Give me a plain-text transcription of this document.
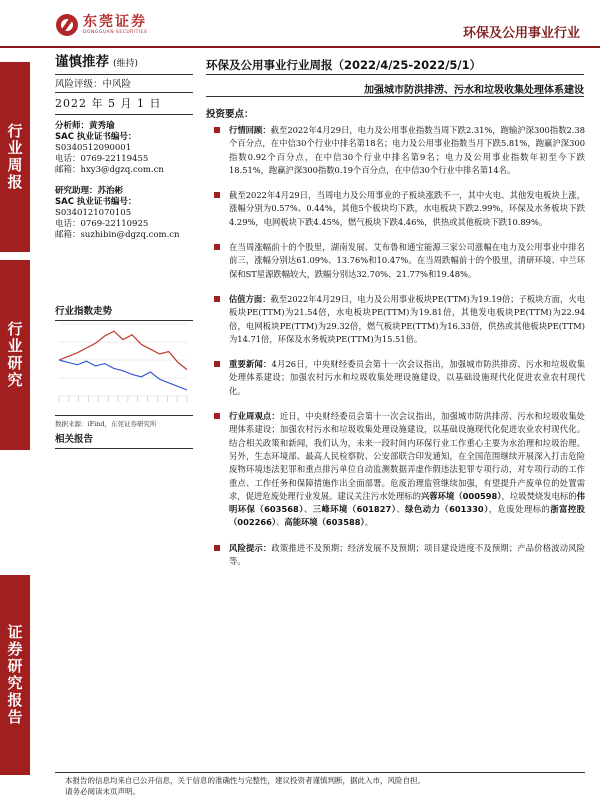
东莞证券
DONGGUAN SECURITIES	环保及公用事业行业
行业周报
行业研究
证券研究报告
谨慎推荐 (维持)
风险评级：中风险
2022 年 5 月 1 日
分析师：黄秀瑜
SAC 执业证书编号：
S0340512090001
电话：0769-22119455
邮箱：hxy3@dgzq.com.cn
研究助理：苏治彬
SAC 执业证书编号：
S0340121070105
电话：0769-22110925
邮箱：suzhibin@dgzq.com.cn
行业指数走势
数据来源：iFind，东莞证券研究所
相关报告
环保及公用事业行业周报（2022/4/25-2022/5/1）
加强城市防洪排涝、污水和垃圾收集处理体系建设
投资要点：

行情回顾：截至2022年4月29日，电力及公用事业指数当周下跌2.31%，跑输沪深300指数2.38个百分点，在中信30个行业中排名第18名；电力及公用事业指数当月下跌5.81%，跑赢沪深300指数0.92个百分点，在中信30个行业中排名第9名；电力及公用事业指数年初至今下跌18.51%，跑赢沪深300指数0.19个百分点，在中信30个行业中排名第14名。

截至2022年4月29日，当周电力及公用事业的子板块涨跌不一，其中火电、其他发电板块上涨，涨幅分别为0.57%、0.44%，其他5个板块均下跌，水电板块下跌2.99%，环保及水务板块下跌4.29%，电网板块下跌4.45%，燃气板块下跌4.46%，供热或其他板块下跌10.89%。

在当周涨幅前十的个股里，湖南发展、艾布鲁和通宝能源三家公司涨幅在电力及公用事业中排名前三，涨幅分别达61.09%、13.76%和10.47%。在当周跌幅前十的个股里，清研环境、中兰环保和ST星源跌幅较大，跌幅分别达32.70%、21.77%和19.48%。

估值方面：截至2022年4月29日，电力及公用事业板块PE(TTM)为19.19倍；子板块方面，火电板块PE(TTM)为21.54倍，水电板块PE(TTM)为19.81倍，其他发电板块PE(TTM)为22.94倍，电网板块PE(TTM)为29.32倍，燃气板块PE(TTM)为16.33倍，供热或其他板块PE(TTM)为14.71倍，环保及水务板块PE(TTM)为15.51倍。

重要新闻：4月26日，中央财经委员会第十一次会议指出，加强城市防洪排涝、污水和垃圾收集处理体系建设；加强农村污水和垃圾收集处理设施建设，以基础设施现代化促进农业农村现代化。

行业周观点：近日，中央财经委员会第十一次会议指出，加强城市防洪排涝、污水和垃圾收集处理体系建设；加强农村污水和垃圾收集处理设施建设，以基础设施现代化促进农业农村现代化。结合相关政策和新闻，我们认为，未来一段时间内环保行业工作重心主要为水治理和垃圾治理。另外，生态环境部、最高人民检察院、公安部联合印发通知，在全国范围继续开展深入打击危险废物环境违法犯罪和重点排污单位自动监测数据弄虚作假违法犯罪专项行动，对专项行动的工作重点、工作任务和保障措施作出全面部署。危废治理监管继续加强，有望提升产废单位的处置需求，促进危废处理行业发展。建议关注污水处理标的兴蓉环境（000598），垃圾焚烧发电标的伟明环保（603568）、三峰环境（601827）、绿色动力（601330），危废处理标的浙富控股（002266）、高能环境（603588）。

风险提示：政策推进不及预期；经济发展不及预期；项目建设进度不及预期；产品价格波动风险等。

本报告的信息均来自已公开信息，关于信息的准确性与完整性，建议投资者谨慎判断，据此入市，风险自担。
请务必阅读末页声明。
